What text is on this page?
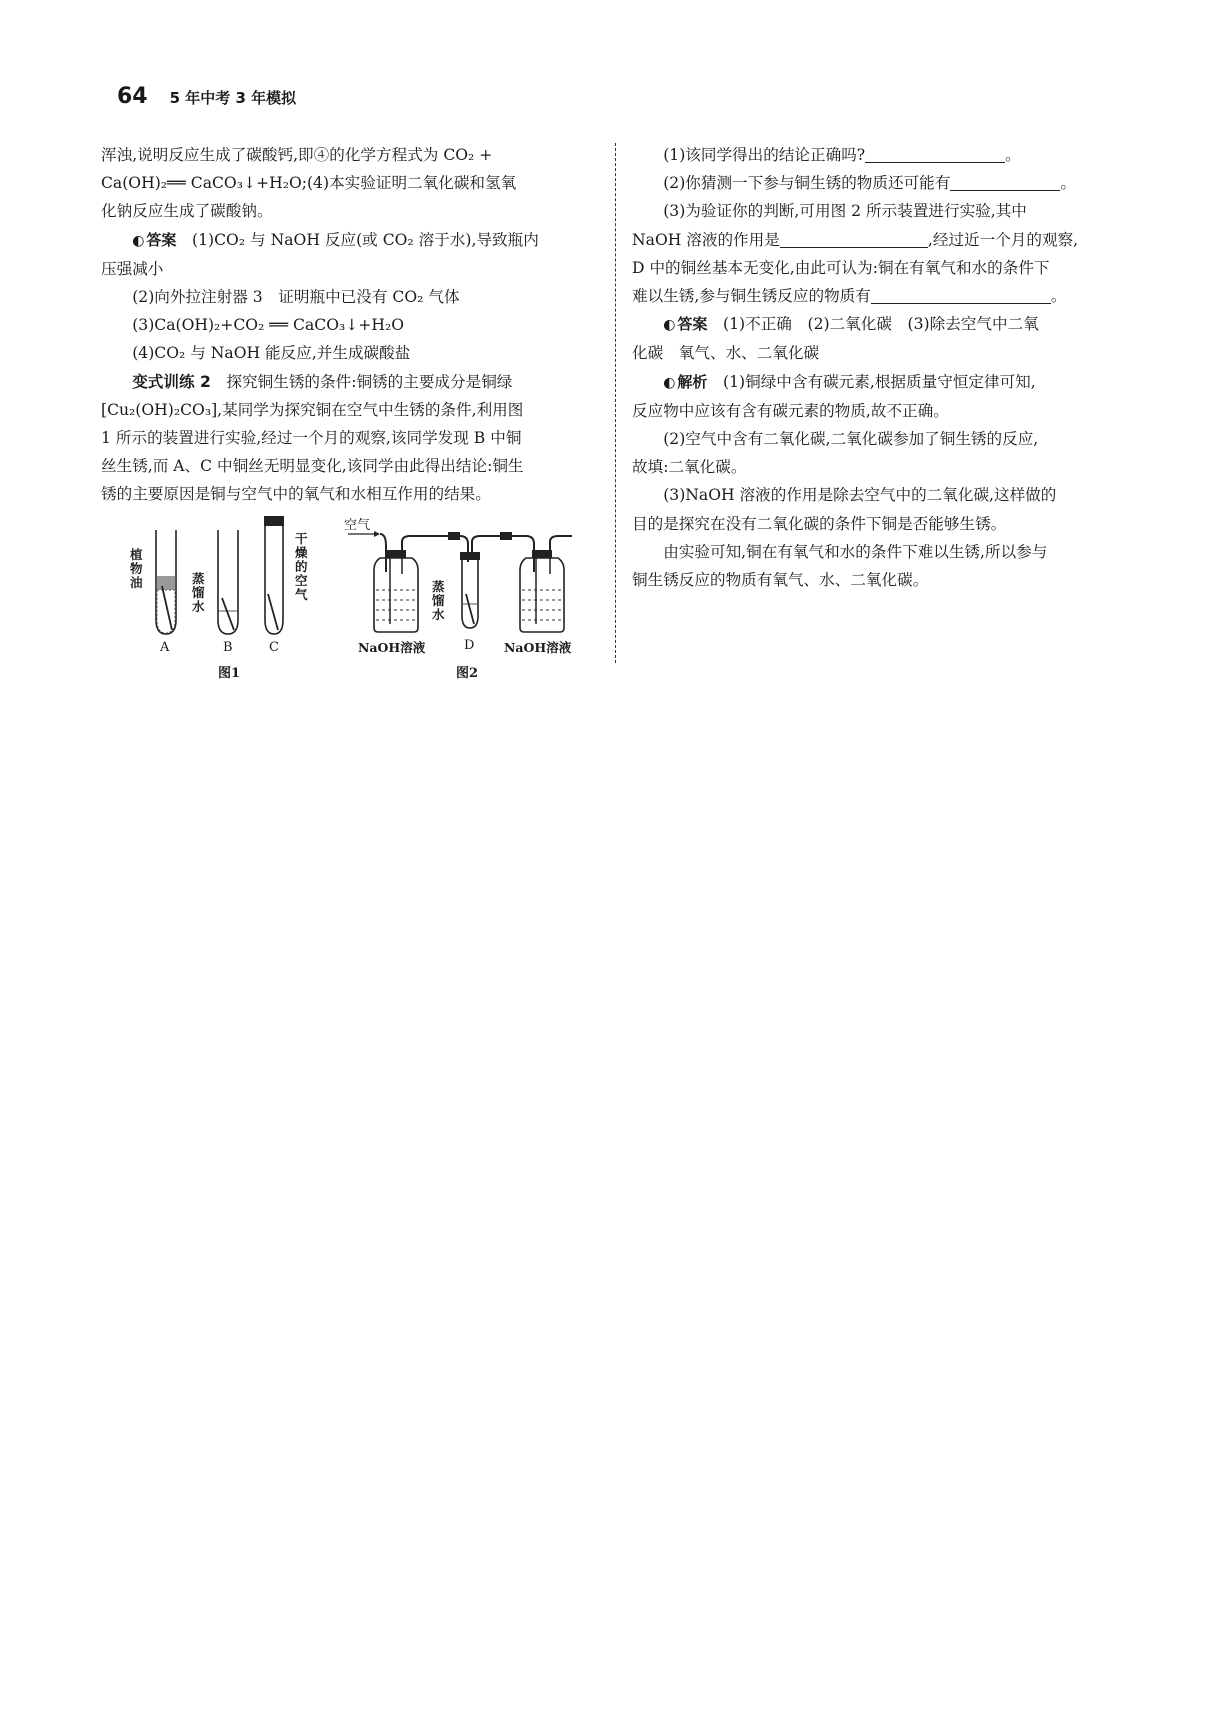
64 5 年中考 3 年模拟

浑浊,说明反应生成了碳酸钙,即④的化学方程式为 CO₂ +

Ca(OH)₂══ CaCO₃↓+H₂O;(4)本实验证明二氧化碳和氢氧

化钠反应生成了碳酸钠。

◐ 答案　 (1)CO₂ 与 NaOH 反应(或 CO₂ 溶于水),导致瓶内

压强减小

(2)向外拉注射器 3　证明瓶中已没有 CO₂ 气体

(3)Ca(OH)₂+CO₂ ══ CaCO₃↓+H₂O

(4)CO₂ 与 NaOH 能反应,并生成碳酸盐

变式训练 2　 探究铜生锈的条件:铜锈的主要成分是铜绿

[Cu₂(OH)₂CO₃],某同学为探究铜在空气中生锈的条件,利用图

1 所示的装置进行实验,经过一个月的观察,该同学发现 B 中铜

丝生锈,而 A、C 中铜丝无明显变化,该同学由此得出结论:铜生

锈的主要原因是铜与空气中的氧气和水相互作用的结果。

植物油	蒸馏水
干燥的空气
A	B	C
图1
空气
NaOH溶液
蒸馏水
D NaOH溶液
图2

(1)该同学得出的结论正确吗?	。

(2)你猜测一下参与铜生锈的物质还可能有	。

(3)为验证你的判断,可用图 2 所示装置进行实验,其中

NaOH 溶液的作用是	,经过近一个月的观察,

D 中的铜丝基本无变化,由此可认为:铜在有氧气和水的条件下

难以生锈,参与铜生锈反应的物质有	。

◐ 答案　 (1)不正确　(2)二氧化碳　(3)除去空气中二氧

化碳　氧气、水、二氧化碳

◐ 解析　 (1)铜绿中含有碳元素,根据质量守恒定律可知,

反应物中应该有含有碳元素的物质,故不正确。

(2)空气中含有二氧化碳,二氧化碳参加了铜生锈的反应,

故填:二氧化碳。

(3)NaOH 溶液的作用是除去空气中的二氧化碳,这样做的

目的是探究在没有二氧化碳的条件下铜是否能够生锈。

由实验可知,铜在有氧气和水的条件下难以生锈,所以参与

铜生锈反应的物质有氧气、水、二氧化碳。
